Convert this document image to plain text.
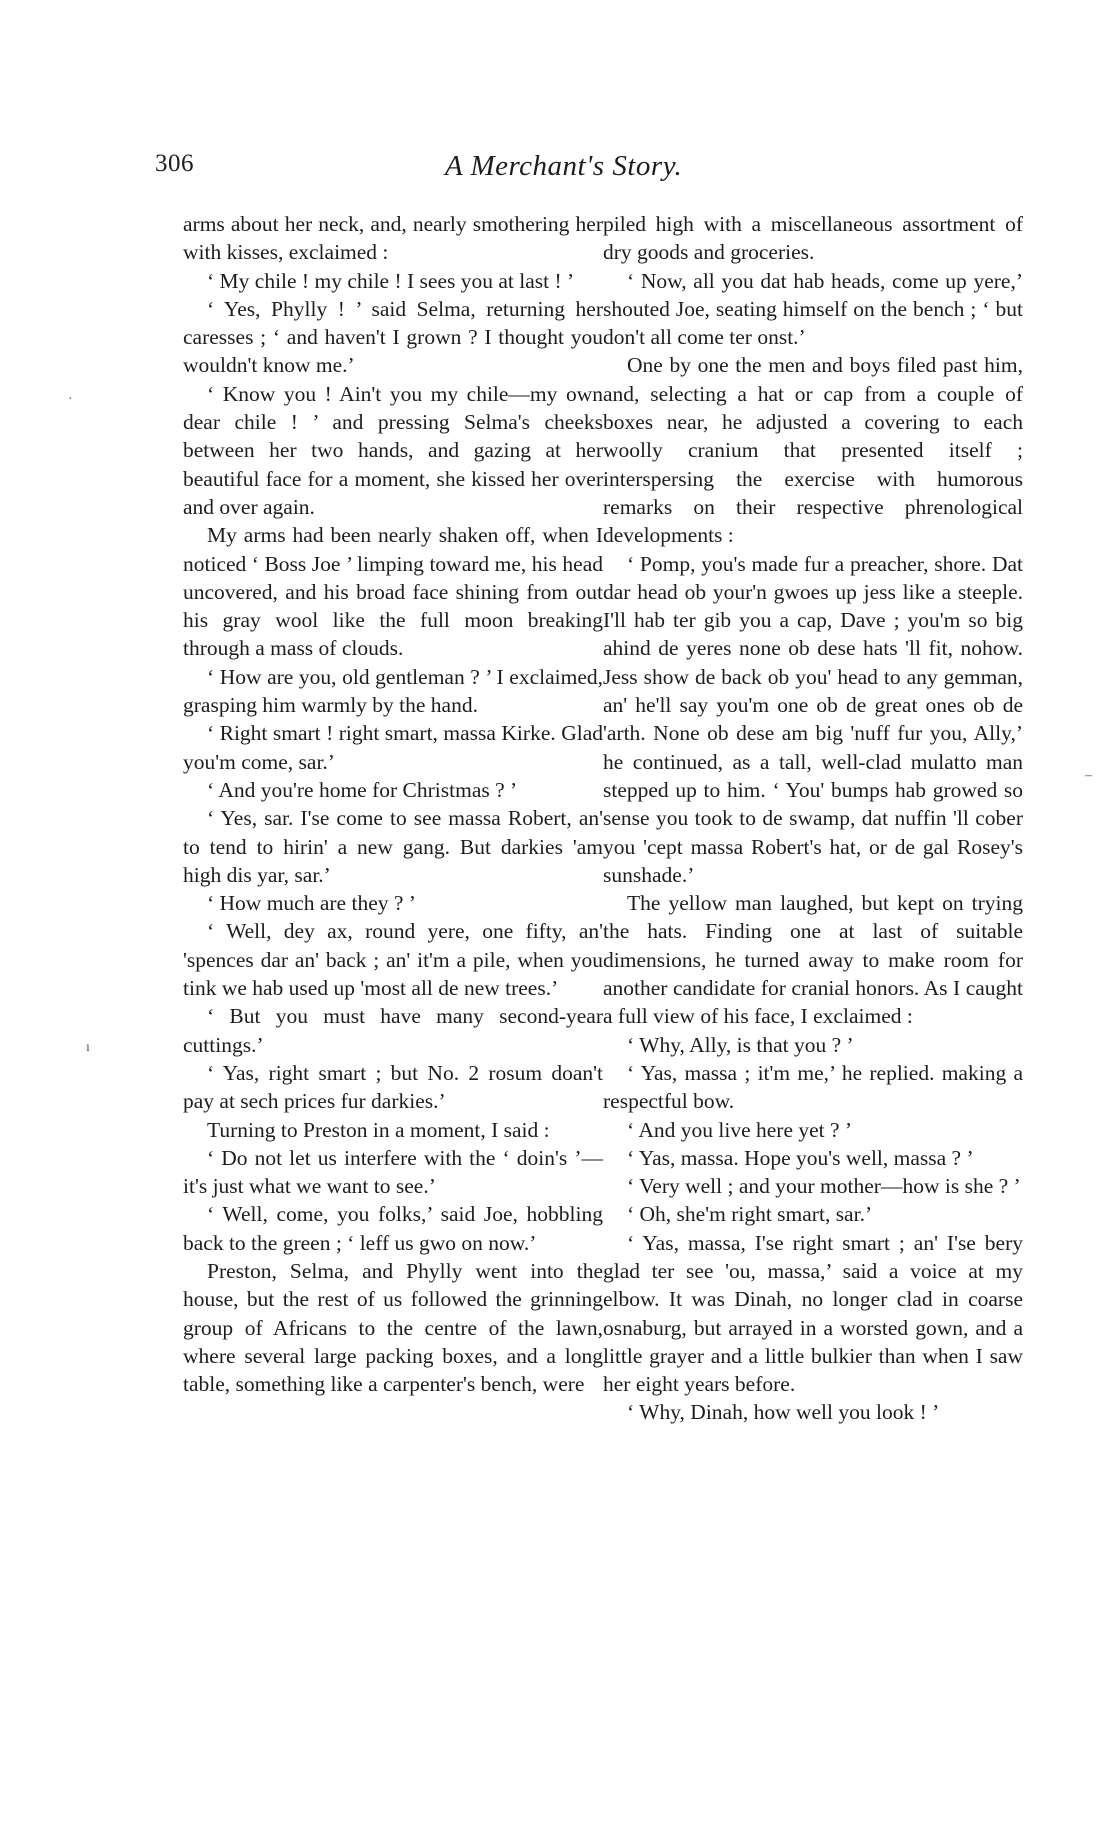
306	A Merchant's Story.

arms about her neck, and, nearly smothering her with kisses, exclaimed :

‘ My chile ! my chile ! I sees you at last ! ’

‘ Yes, Phylly ! ’ said Selma, returning her caresses ; ‘ and haven't I grown ? I thought you wouldn't know me.’

‘ Know you ! Ain't you my chile—my own dear chile ! ’ and pressing Selma's cheeks between her two hands, and gazing at her beautiful face for a moment, she kissed her over and over again.

My arms had been nearly shaken off, when I noticed ‘ Boss Joe ’ limping toward me, his head uncovered, and his broad face shining from out his gray wool like the full moon breaking through a mass of clouds.

‘ How are you, old gentleman ? ’ I exclaimed, grasping him warmly by the hand.

‘ Right smart ! right smart, massa Kirke. Glad you'm come, sar.’

‘ And you're home for Christmas ? ’

‘ Yes, sar. I'se come to see massa Robert, an' to tend to hirin' a new gang. But darkies 'am high dis yar, sar.’

‘ How much are they ? ’

‘ Well, dey ax, round yere, one fifty, an' 'spences dar an' back ; an' it'm a pile, when you tink we hab used up 'most all de new trees.’

‘ But you must have many second-year cuttings.’

‘ Yas, right smart ; but No. 2 rosum doan't pay at sech prices fur darkies.’

Turning to Preston in a moment, I said :

‘ Do not let us interfere with the ‘ doin's ’—it's just what we want to see.’

‘ Well, come, you folks,’ said Joe, hobbling back to the green ; ‘ leff us gwo on now.’

Preston, Selma, and Phylly went into the house, but the rest of us followed the grinning group of Africans to the centre of the lawn, where several large packing boxes, and a long table, something like a carpenter's bench, were

piled high with a miscellaneous assortment of dry goods and groceries.

‘ Now, all you dat hab heads, come up yere,’ shouted Joe, seating himself on the bench ; ‘ but don't all come ter onst.’

One by one the men and boys filed past him, and, selecting a hat or cap from a couple of boxes near, he adjusted a covering to each woolly cranium that presented itself ; interspersing the exercise with humorous remarks on their respective phrenological developments :

‘ Pomp, you's made fur a preacher, shore. Dat dar head ob your'n gwoes up jess like a steeple. I'll hab ter gib you a cap, Dave ; you'm so big ahind de yeres none ob dese hats 'll fit, nohow. Jess show de back ob you' head to any gemman, an' he'll say you'm one ob de great ones ob de 'arth. None ob dese am big 'nuff fur you, Ally,’ he continued, as a tall, well-clad mulatto man stepped up to him. ‘ You' bumps hab growed so sense you took to de swamp, dat nuffin 'll cober you 'cept massa Robert's hat, or de gal Rosey's sunshade.’

The yellow man laughed, but kept on trying the hats. Finding one at last of suitable dimensions, he turned away to make room for another candidate for cranial honors. As I caught a full view of his face, I exclaimed :

‘ Why, Ally, is that you ? ’

‘ Yas, massa ; it'm me,’ he replied. making a respectful bow.

‘ And you live here yet ? ’

‘ Yas, massa. Hope you's well, massa ? ’

‘ Very well ; and your mother—how is she ? ’

‘ Oh, she'm right smart, sar.’

‘ Yas, massa, I'se right smart ; an' I'se bery glad ter see 'ou, massa,’ said a voice at my elbow. It was Dinah, no longer clad in coarse osnaburg, but arrayed in a worsted gown, and a little grayer and a little bulkier than when I saw her eight years before.

‘ Why, Dinah, how well you look ! ’

·
ı
–
